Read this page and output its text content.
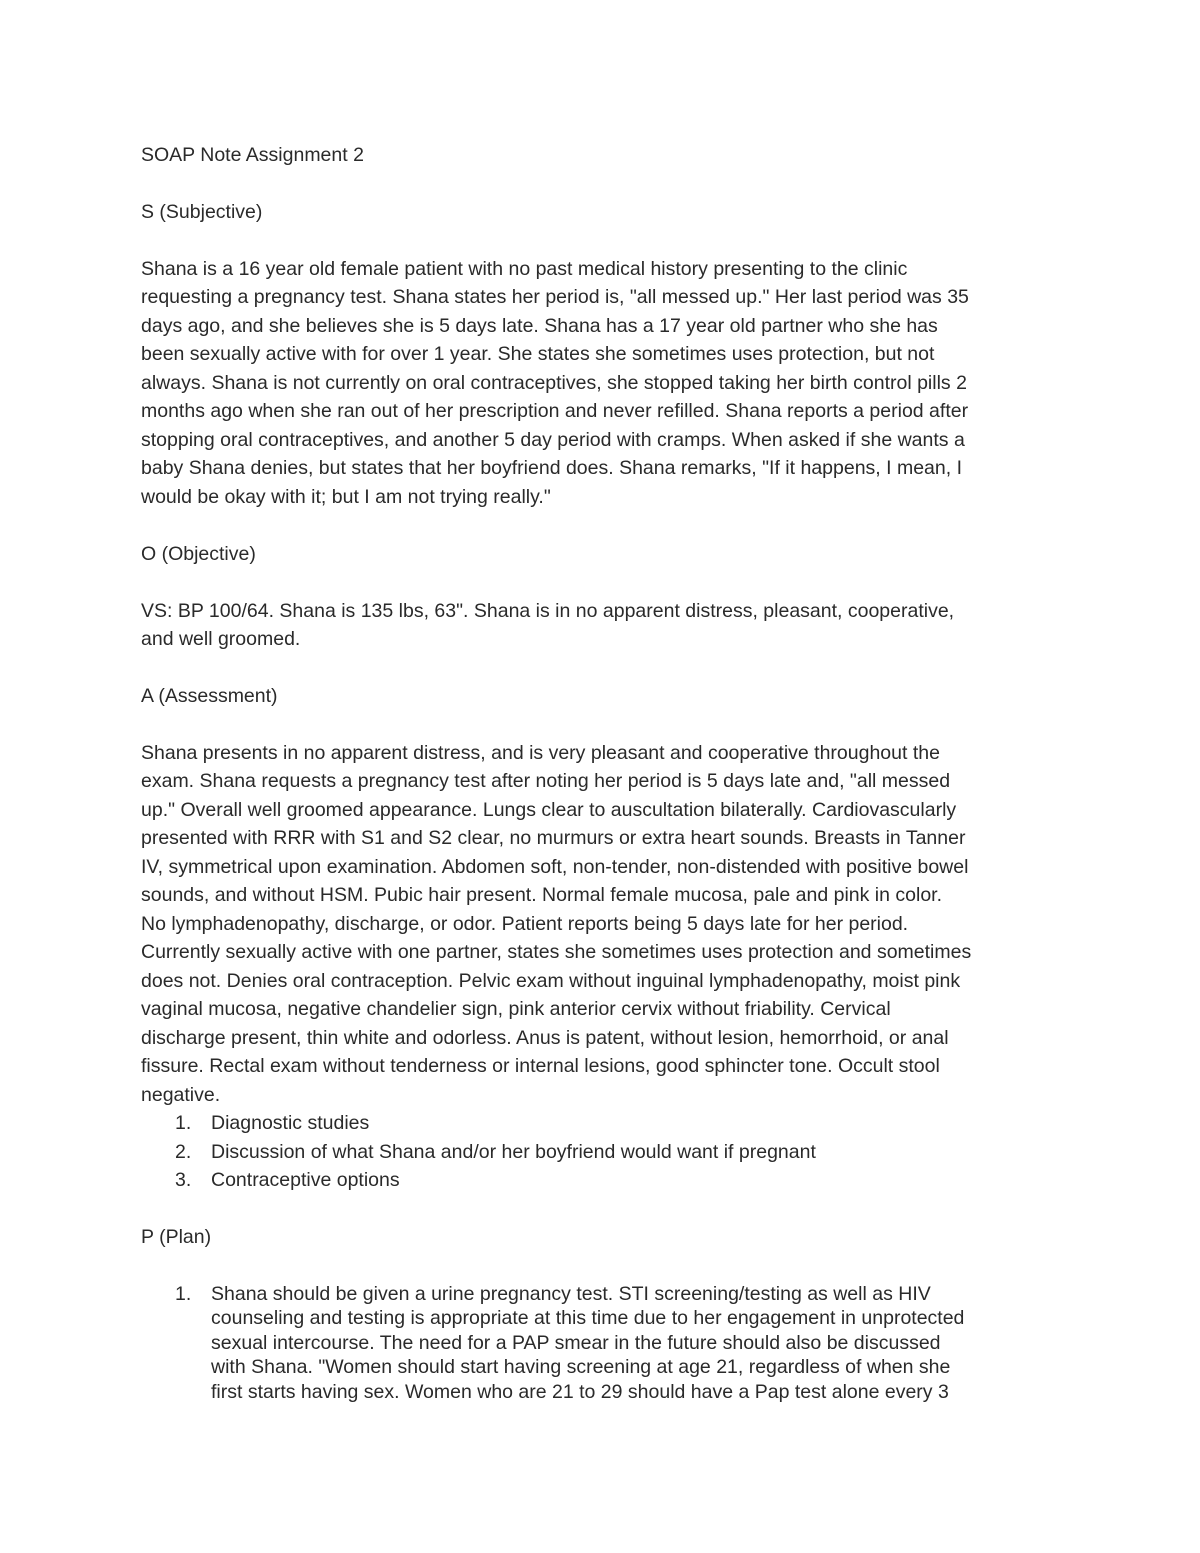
SOAP Note Assignment 2
S (Subjective)
Shana is a 16 year old female patient with no past medical history presenting to the clinic
requesting a pregnancy test. Shana states her period is, "all messed up." Her last period was 35
days ago, and she believes she is 5 days late. Shana has a 17 year old partner who she has
been sexually active with for over 1 year. She states she sometimes uses protection, but not
always. Shana is not currently on oral contraceptives, she stopped taking her birth control pills 2
months ago when she ran out of her prescription and never refilled. Shana reports a period after
stopping oral contraceptives, and another 5 day period with cramps. When asked if she wants a
baby Shana denies, but states that her boyfriend does. Shana remarks, "If it happens, I mean, I
would be okay with it; but I am not trying really."
O (Objective)
VS: BP 100/64. Shana is 135 lbs, 63". Shana is in no apparent distress, pleasant, cooperative,
and well groomed.
A (Assessment)
Shana presents in no apparent distress, and is very pleasant and cooperative throughout the
exam. Shana requests a pregnancy test after noting her period is 5 days late and, "all messed
up." Overall well groomed appearance. Lungs clear to auscultation bilaterally. Cardiovascularly
presented with RRR with S1 and S2 clear, no murmurs or extra heart sounds. Breasts in Tanner
IV, symmetrical upon examination. Abdomen soft, non-tender, non-distended with positive bowel
sounds, and without HSM. Pubic hair present. Normal female mucosa, pale and pink in color.
No lymphadenopathy, discharge, or odor. Patient reports being 5 days late for her period.
Currently sexually active with one partner, states she sometimes uses protection and sometimes
does not. Denies oral contraception. Pelvic exam without inguinal lymphadenopathy, moist pink
vaginal mucosa, negative chandelier sign, pink anterior cervix without friability. Cervical
discharge present, thin white and odorless. Anus is patent, without lesion, hemorrhoid, or anal
fissure. Rectal exam without tenderness or internal lesions, good sphincter tone. Occult stool
negative.
1. Diagnostic studies
2. Discussion of what Shana and/or her boyfriend would want if pregnant
3. Contraceptive options
P (Plan)
1. Shana should be given a urine pregnancy test. STI screening/testing as well as HIV
counseling and testing is appropriate at this time due to her engagement in unprotected
sexual intercourse. The need for a PAP smear in the future should also be discussed
with Shana. "Women should start having screening at age 21, regardless of when she
first starts having sex. Women who are 21 to 29 should have a Pap test alone every 3
